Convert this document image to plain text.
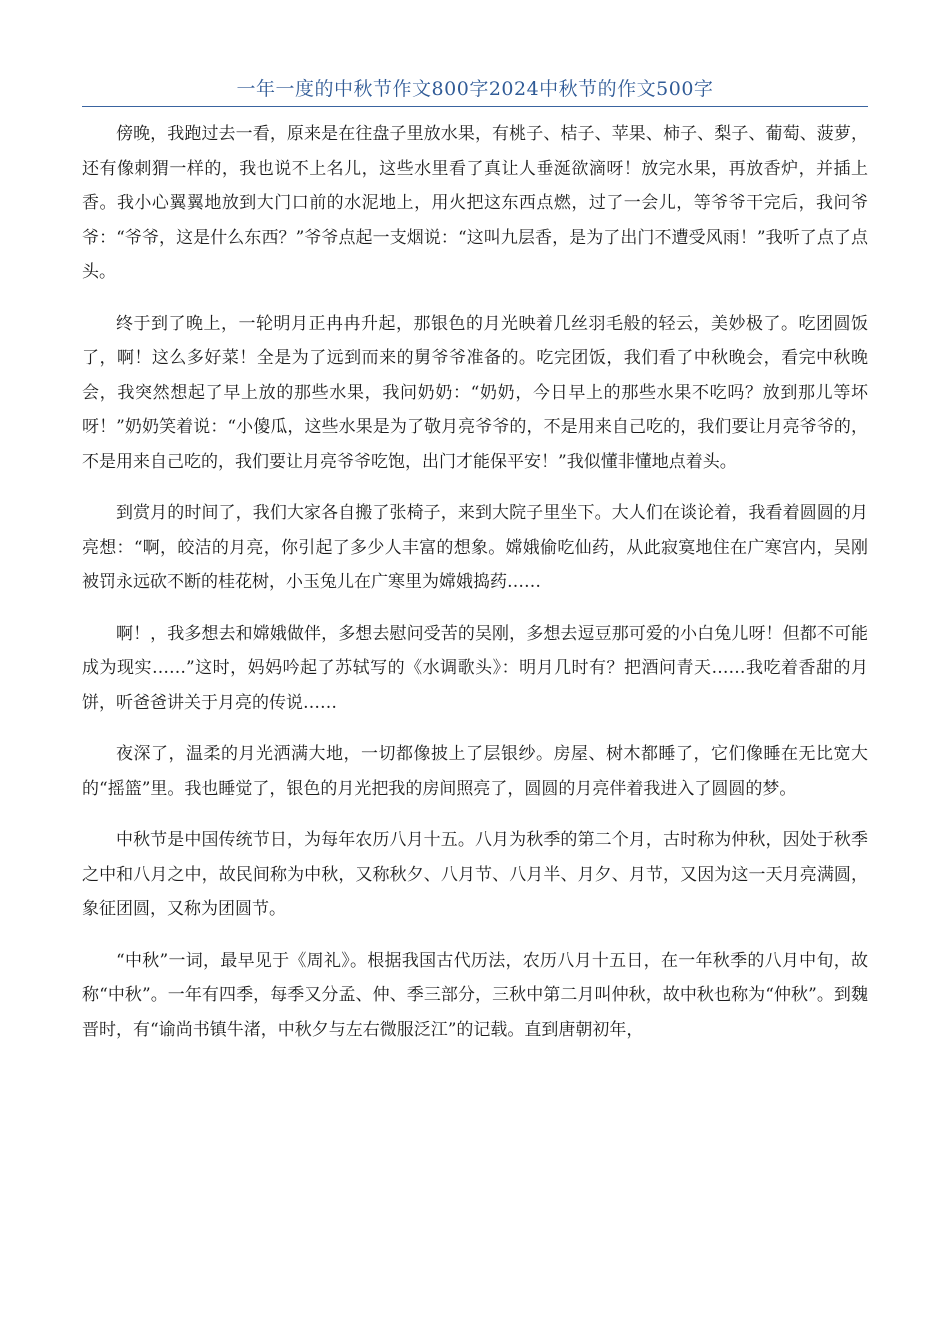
一年一度的中秋节作文800字2024中秋节的作文500字

傍晚，我跑过去一看，原来是在往盘子里放水果，有桃子、桔子、苹果、柿子、梨子、葡萄、菠萝，还有像刺猬一样的，我也说不上名儿，这些水里看了真让人垂涎欲滴呀！放完水果，再放香炉，并插上香。我小心翼翼地放到大门口前的水泥地上，用火把这东西点燃，过了一会儿，等爷爷干完后，我问爷爷：“爷爷，这是什么东西？”爷爷点起一支烟说：“这叫九层香，是为了出门不遭受风雨！”我听了点了点头。

终于到了晚上，一轮明月正冉冉升起，那银色的月光映着几丝羽毛般的轻云，美妙极了。吃团圆饭了，啊！这么多好菜！全是为了远到而来的舅爷爷准备的。吃完团饭，我们看了中秋晚会，看完中秋晚会，我突然想起了早上放的那些水果，我问奶奶：“奶奶，今日早上的那些水果不吃吗？放到那儿等坏呀！”奶奶笑着说：“小傻瓜，这些水果是为了敬月亮爷爷的，不是用来自己吃的，我们要让月亮爷爷的，不是用来自己吃的，我们要让月亮爷爷吃饱，出门才能保平安！”我似懂非懂地点着头。

到赏月的时间了，我们大家各自搬了张椅子，来到大院子里坐下。大人们在谈论着，我看着圆圆的月亮想：“啊，皎洁的月亮，你引起了多少人丰富的想象。嫦娥偷吃仙药，从此寂寞地住在广寒宫内，吴刚被罚永远砍不断的桂花树，小玉兔儿在广寒里为嫦娥捣药……

啊！，我多想去和嫦娥做伴，多想去慰问受苦的吴刚，多想去逗豆那可爱的小白兔儿呀！但都不可能成为现实……”这时，妈妈吟起了苏轼写的《水调歌头》：明月几时有？把酒问青天……我吃着香甜的月饼，听爸爸讲关于月亮的传说……

夜深了，温柔的月光洒满大地，一切都像披上了层银纱。房屋、树木都睡了，它们像睡在无比宽大的“摇篮”里。我也睡觉了，银色的月光把我的房间照亮了，圆圆的月亮伴着我进入了圆圆的梦。

中秋节是中国传统节日，为每年农历八月十五。八月为秋季的第二个月，古时称为仲秋，因处于秋季之中和八月之中，故民间称为中秋，又称秋夕、八月节、八月半、月夕、月节，又因为这一天月亮满圆，象征团圆，又称为团圆节。

“中秋”一词，最早见于《周礼》。根据我国古代历法，农历八月十五日，在一年秋季的八月中旬，故称“中秋”。一年有四季，每季又分孟、仲、季三部分，三秋中第二月叫仲秋，故中秋也称为“仲秋”。到魏晋时，有“谕尚书镇牛渚，中秋夕与左右微服泛江”的记载。直到唐朝初年，
